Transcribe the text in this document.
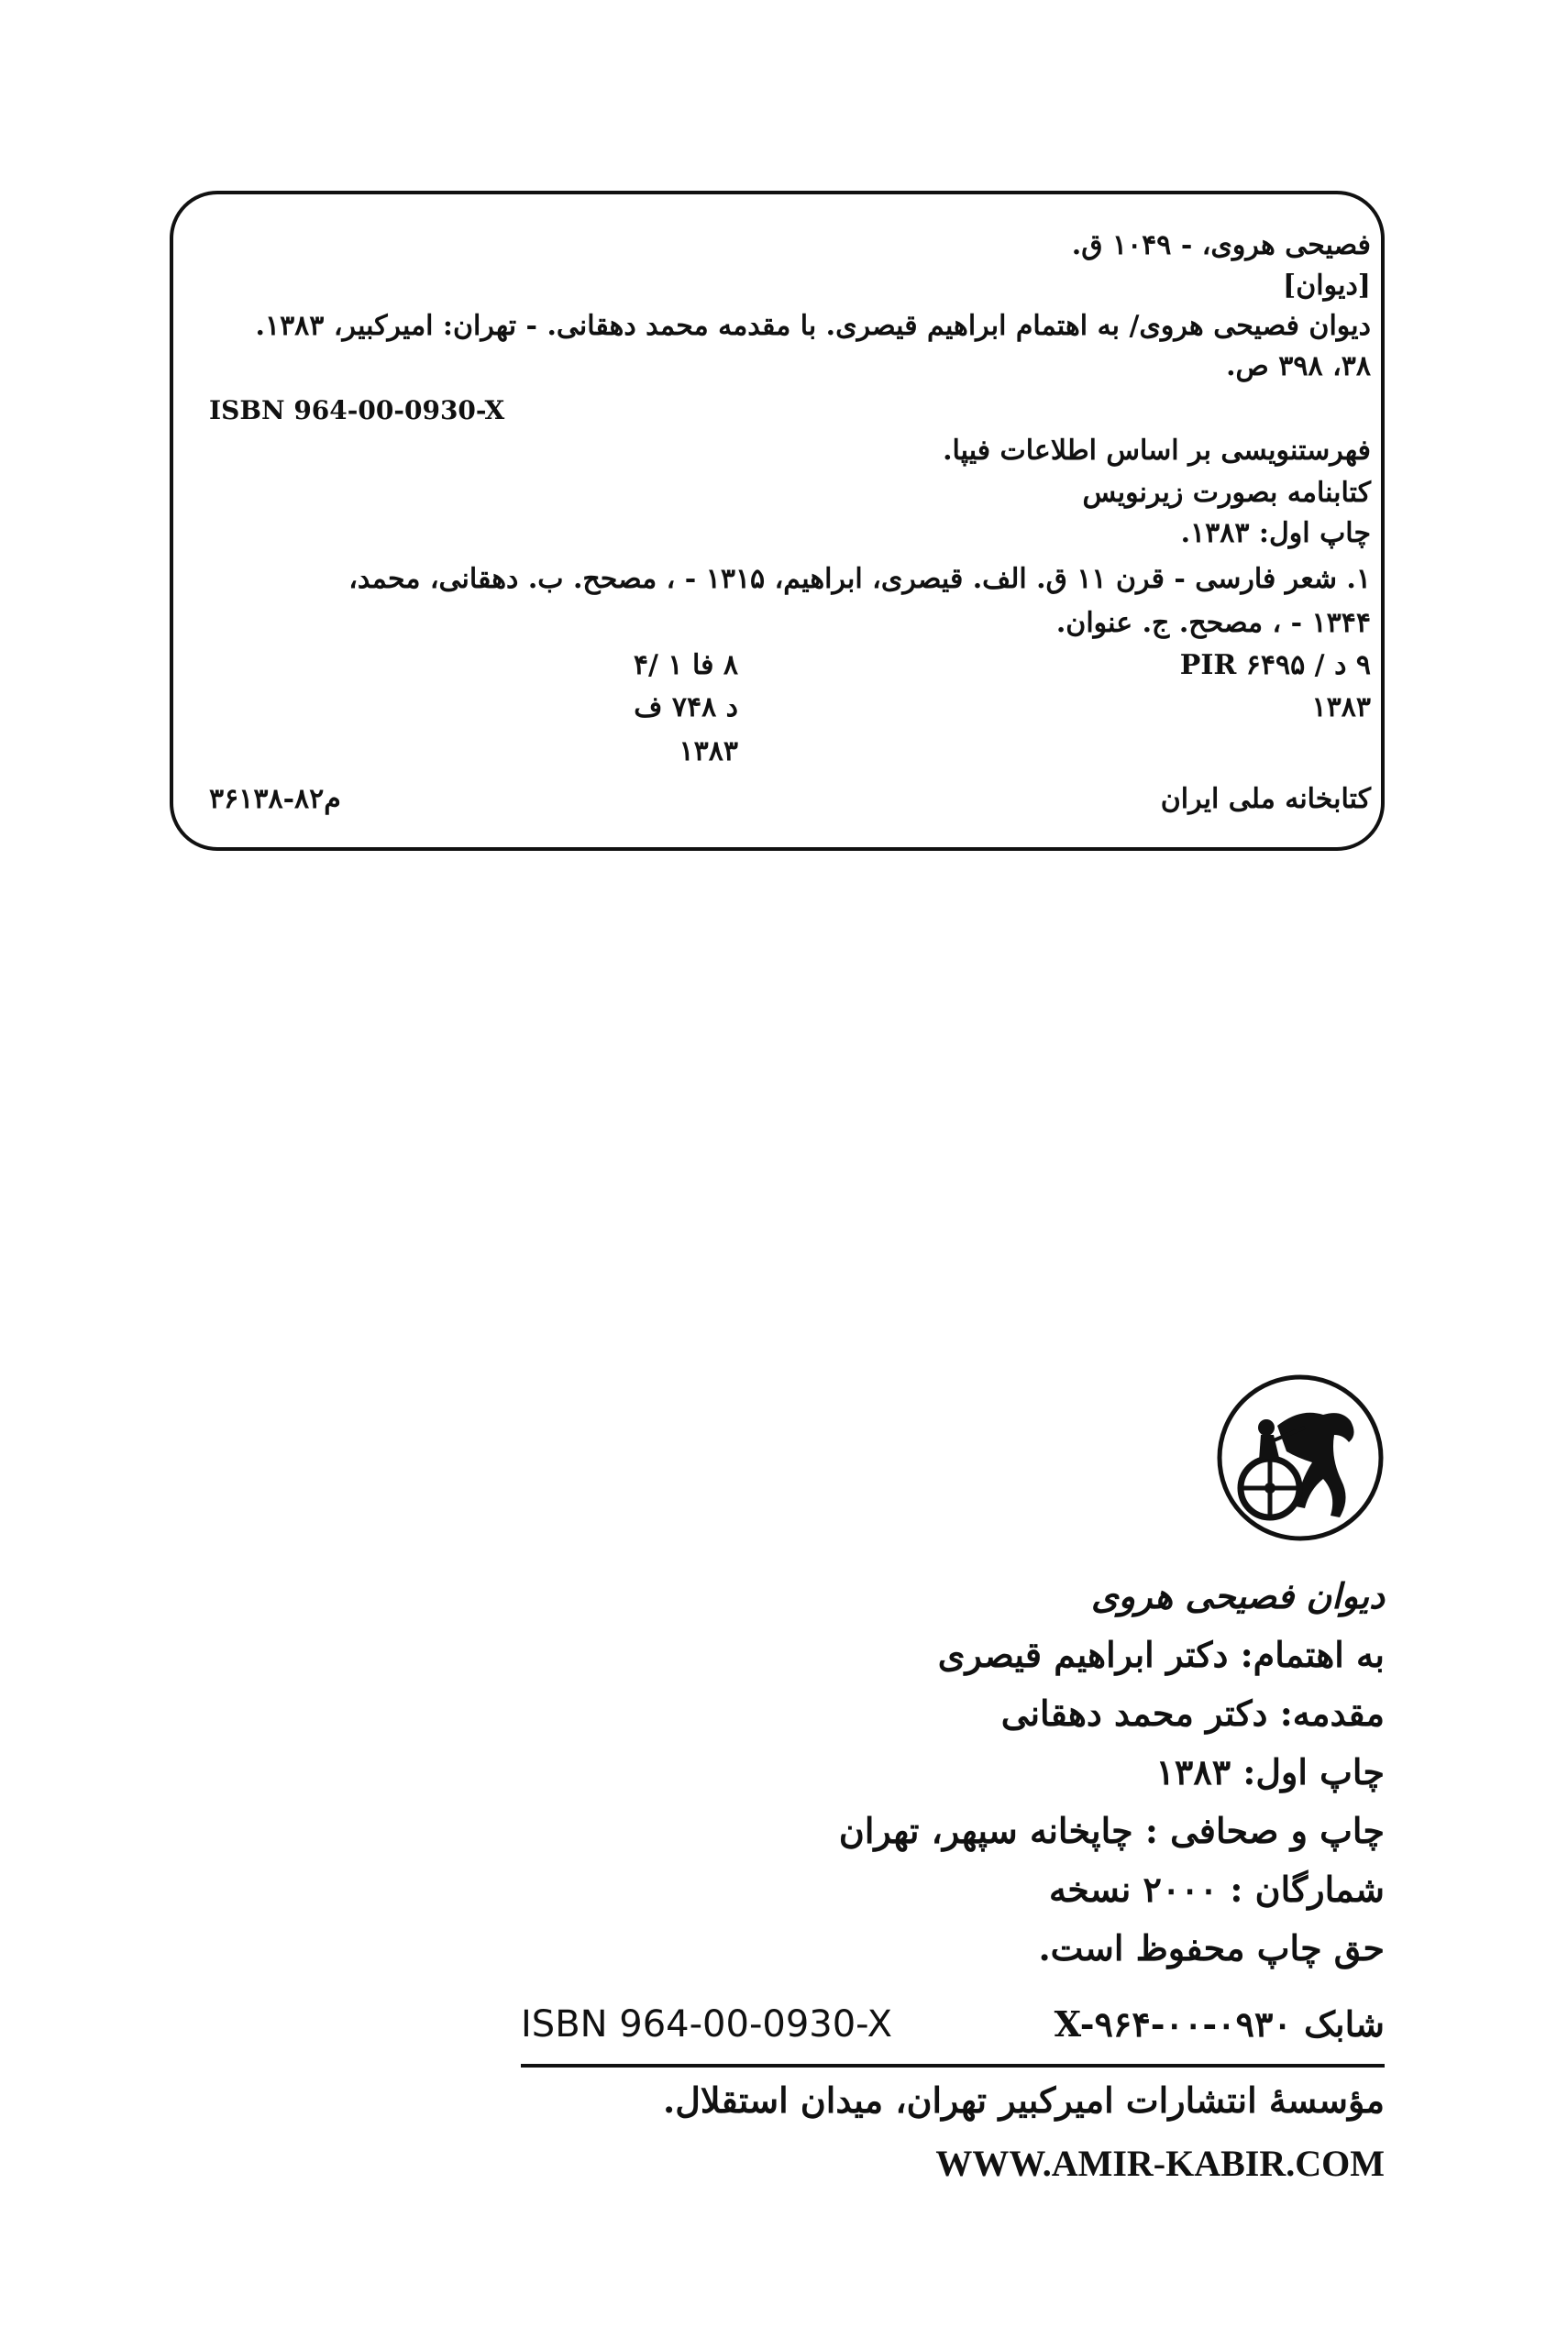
فصیحی هروی، - ۱۰۴۹ ق.
[دیوان]
دیوان فصیحی هروی/ به اهتمام ابراهیم قیصری. با مقدمه محمد دهقانی. - تهران: امیرکبیر، ۱۳۸۳.
۳۸، ۳۹۸ ص.
ISBN 964-00-0930-X
فهرستنویسی بر اساس اطلاعات فیپا.
کتابنامه بصورت زیرنویس
چاپ اول: ۱۳۸۳.
۱. شعر فارسی - قرن ۱۱ ق. الف. قیصری، ابراهیم، ۱۳۱۵ - ، مصحح. ب. دهقانی، محمد،
۱۳۴۴ - ، مصحح. ج. عنوان.
۹ د / PIR ۶۴۹۵
۱۳۸۳
۸ فا ۱ /۴
د ۷۴۸ ف
۱۳۸۳
کتابخانه ملی ایران
م۸۲-۳۶۱۳۸
دیوان فصیحی هروی
به اهتمام: دکتر ابراهیم قیصری
مقدمه: دکتر محمد دهقانی
چاپ اول: ۱۳۸۳
چاپ و صحافی : چاپخانه سپهر، تهران
شمارگان : ۲۰۰۰ نسخه
حق چاپ محفوظ است.
ISBN 964-00-0930-X	شابک X-۹۶۴-۰۰-۰۹۳۰
مؤسسهٔ انتشارات امیرکبیر تهران، میدان استقلال.
WWW.AMIR-KABIR.COM
